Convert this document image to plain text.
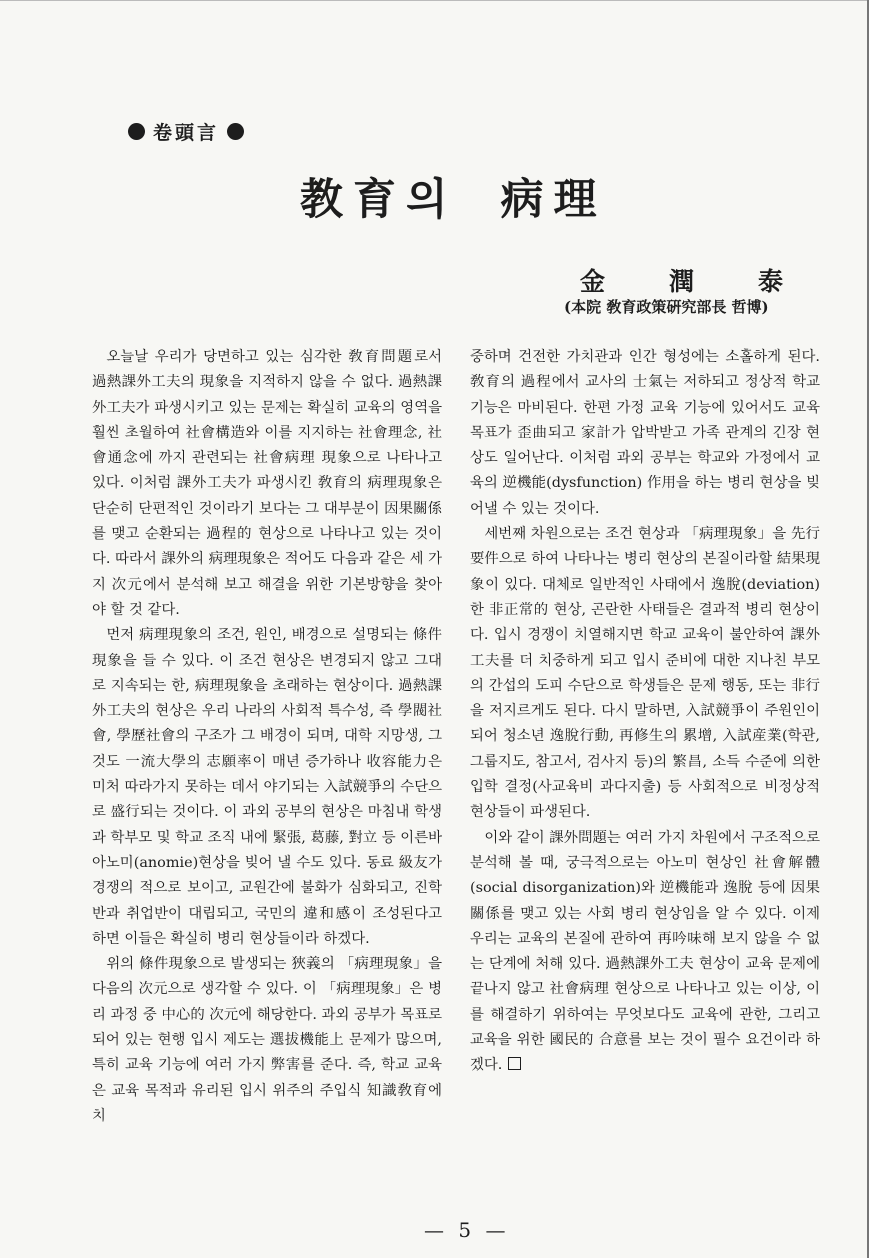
卷頭言
教育의 病理
金潤泰
(本院 敎育政策硏究部長 哲博)

오늘날 우리가 당면하고 있는 심각한 敎育問題로서 過熱課外工夫의 現象을 지적하지 않을 수 없다. 過熱課外工夫가 파생시키고 있는 문제는 확실히 교육의 영역을 훨씬 초월하여 社會構造와 이를 지지하는 社會理念, 社會通念에 까지 관련되는 社會病理 現象으로 나타나고 있다. 이처럼 課外工夫가 파생시킨 敎育의 病理現象은 단순히 단편적인 것이라기 보다는 그 대부분이 因果關係를 맺고 순환되는 過程的 현상으로 나타나고 있는 것이다. 따라서 課外의 病理現象은 적어도 다음과 같은 세 가지 次元에서 분석해 보고 해결을 위한 기본방향을 찾아야 할 것 같다.

먼저 病理現象의 조건, 원인, 배경으로 설명되는 條件現象을 들 수 있다. 이 조건 현상은 변경되지 않고 그대로 지속되는 한, 病理現象을 초래하는 현상이다. 過熱課外工夫의 현상은 우리 나라의 사회적 특수성, 즉 學閥社會, 學歷社會의 구조가 그 배경이 되며, 대학 지망생, 그것도 一流大學의 志願率이 매년 증가하나 收容能力은 미처 따라가지 못하는 데서 야기되는 入試競爭의 수단으로 盛行되는 것이다. 이 과외 공부의 현상은 마침내 학생과 학부모 및 학교 조직 내에 緊張, 葛藤, 對立 등 이른바 아노미(anomie)현상을 빚어 낼 수도 있다. 동료 級友가 경쟁의 적으로 보이고, 교원간에 불화가 심화되고, 진학반과 취업반이 대립되고, 국민의 違和感이 조성된다고 하면 이들은 확실히 병리 현상들이라 하겠다.

위의 條件現象으로 발생되는 狹義의 「病理現象」을 다음의 次元으로 생각할 수 있다. 이 「病理現象」은 병리 과정 중 中心的 次元에 해당한다. 과외 공부가 목표로 되어 있는 현행 입시 제도는 選拔機能上 문제가 많으며, 특히 교육 기능에 여러 가지 弊害를 준다. 즉, 학교 교육은 교육 목적과 유리된 입시 위주의 주입식 知識敎育에 치

중하며 건전한 가치관과 인간 형성에는 소홀하게 된다. 敎育의 過程에서 교사의 士氣는 저하되고 정상적 학교 기능은 마비된다. 한편 가정 교육 기능에 있어서도 교육 목표가 歪曲되고 家計가 압박받고 가족 관계의 긴장 현상도 일어난다. 이처럼 과외 공부는 학교와 가정에서 교육의 逆機能(dysfunction) 作用을 하는 병리 현상을 빚어낼 수 있는 것이다.

세번째 차원으로는 조건 현상과 「病理現象」을 先行要件으로 하여 나타나는 병리 현상의 본질이라할 結果現象이 있다. 대체로 일반적인 사태에서 逸脫(deviation)한 非正常的 현상, 곤란한 사태들은 결과적 병리 현상이다. 입시 경쟁이 치열해지면 학교 교육이 불안하여 課外工夫를 더 치중하게 되고 입시 준비에 대한 지나친 부모의 간섭의 도피 수단으로 학생들은 문제 행동, 또는 非行을 저지르게도 된다. 다시 말하면, 入試競爭이 주원인이 되어 청소년 逸脫行動, 再修生의 累增, 入試産業(학관, 그룹지도, 참고서, 검사지 등)의 繁昌, 소득 수준에 의한 입학 결정(사교육비 과다지출) 등 사회적으로 비정상적 현상들이 파생된다.

이와 같이 課外問題는 여러 가지 차원에서 구조적으로 분석해 볼 때, 궁극적으로는 아노미 현상인 社會解體(social disorganization)와 逆機能과 逸脫 등에 因果關係를 맺고 있는 사회 병리 현상임을 알 수 있다. 이제 우리는 교육의 본질에 관하여 再吟味해 보지 않을 수 없는 단계에 처해 있다. 過熱課外工夫 현상이 교육 문제에 끝나지 않고 社會病理 현상으로 나타나고 있는 이상, 이를 해결하기 위하여는 무엇보다도 교육에 관한, 그리고 교육을 위한 國民的 合意를 보는 것이 필수 요건이라 하겠다.

— 5 —
